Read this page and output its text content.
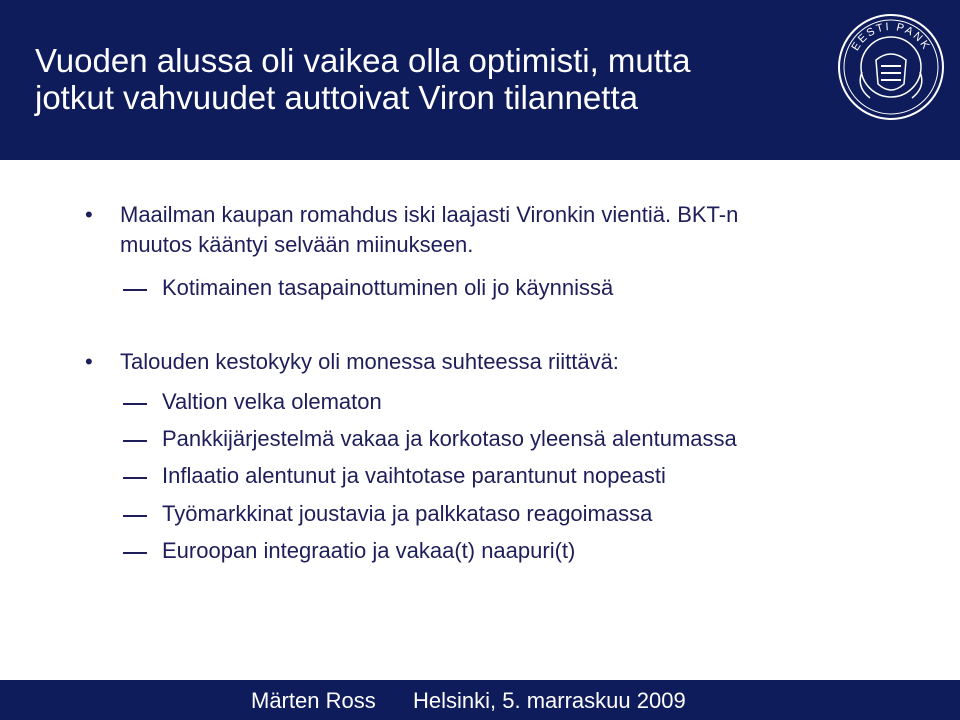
Vuoden alussa oli vaikea olla optimisti, mutta
jotkut vahvuudet auttoivat Viron tilannetta
EESTI PANK
• Maailman kaupan romahdus iski laajasti Vironkin vientiä. BKT-n
muutos kääntyi selvään miinukseen.
Kotimainen tasapainottuminen oli jo käynnissä
• Talouden kestokyky oli monessa suhteessa riittävä:
Valtion velka olematon
Pankkijärjestelmä vakaa ja korkotaso yleensä alentumassa
Inflaatio alentunut ja vaihtotase parantunut nopeasti
Työmarkkinat joustavia ja palkkataso reagoimassa
Euroopan integraatio ja vakaa(t) naapuri(t)
Märten Ross Helsinki, 5. marraskuu 2009
